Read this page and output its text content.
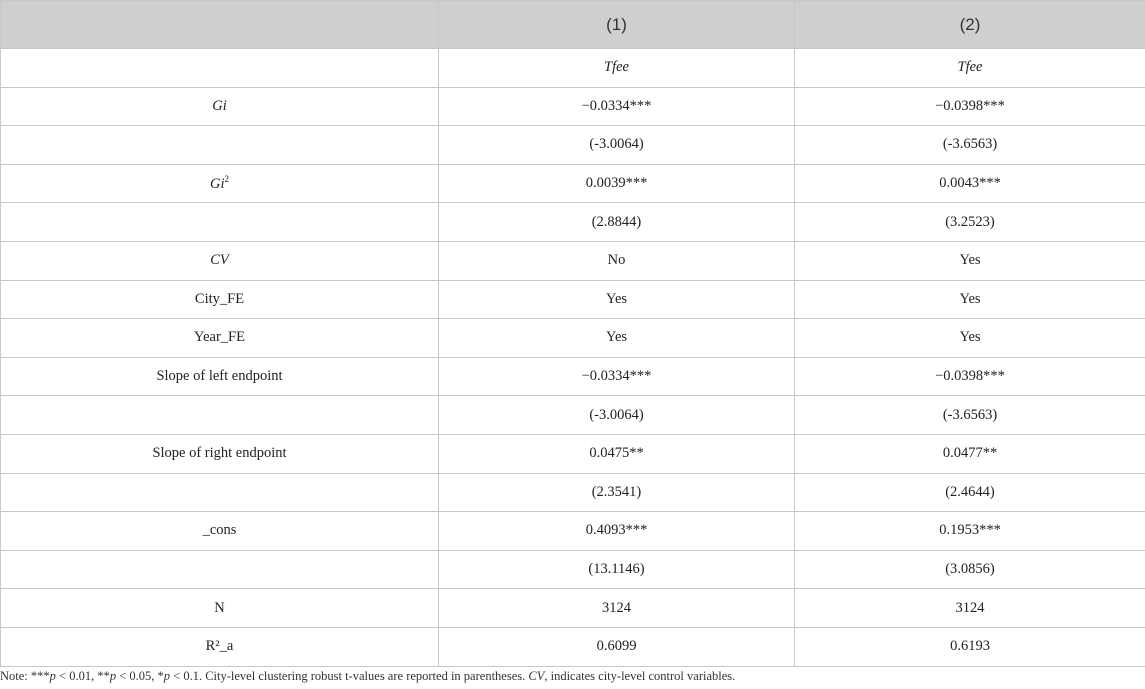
	(1)	(2)
	Tfee	Tfee
Gi	−0.0334***	−0.0398***
	(-3.0064)	(-3.6563)
Gi$^2$	0.0039***	0.0043***
	(2.8844)	(3.2523)
CV	No	Yes
City_FE	Yes	Yes
Year_FE	Yes	Yes
Slope of left endpoint	−0.0334***	−0.0398***
	(-3.0064)	(-3.6563)
Slope of right endpoint	0.0475**	0.0477**
	(2.3541)	(2.4644)
_cons	0.4093***	0.1953***
	(13.1146)	(3.0856)
N	3124	3124
R²_a	0.6099	0.6193
Note: ***p < 0.01, **p < 0.05, *p < 0.1. City-level clustering robust t-values are reported in parentheses. CV, indicates city-level control variables.
